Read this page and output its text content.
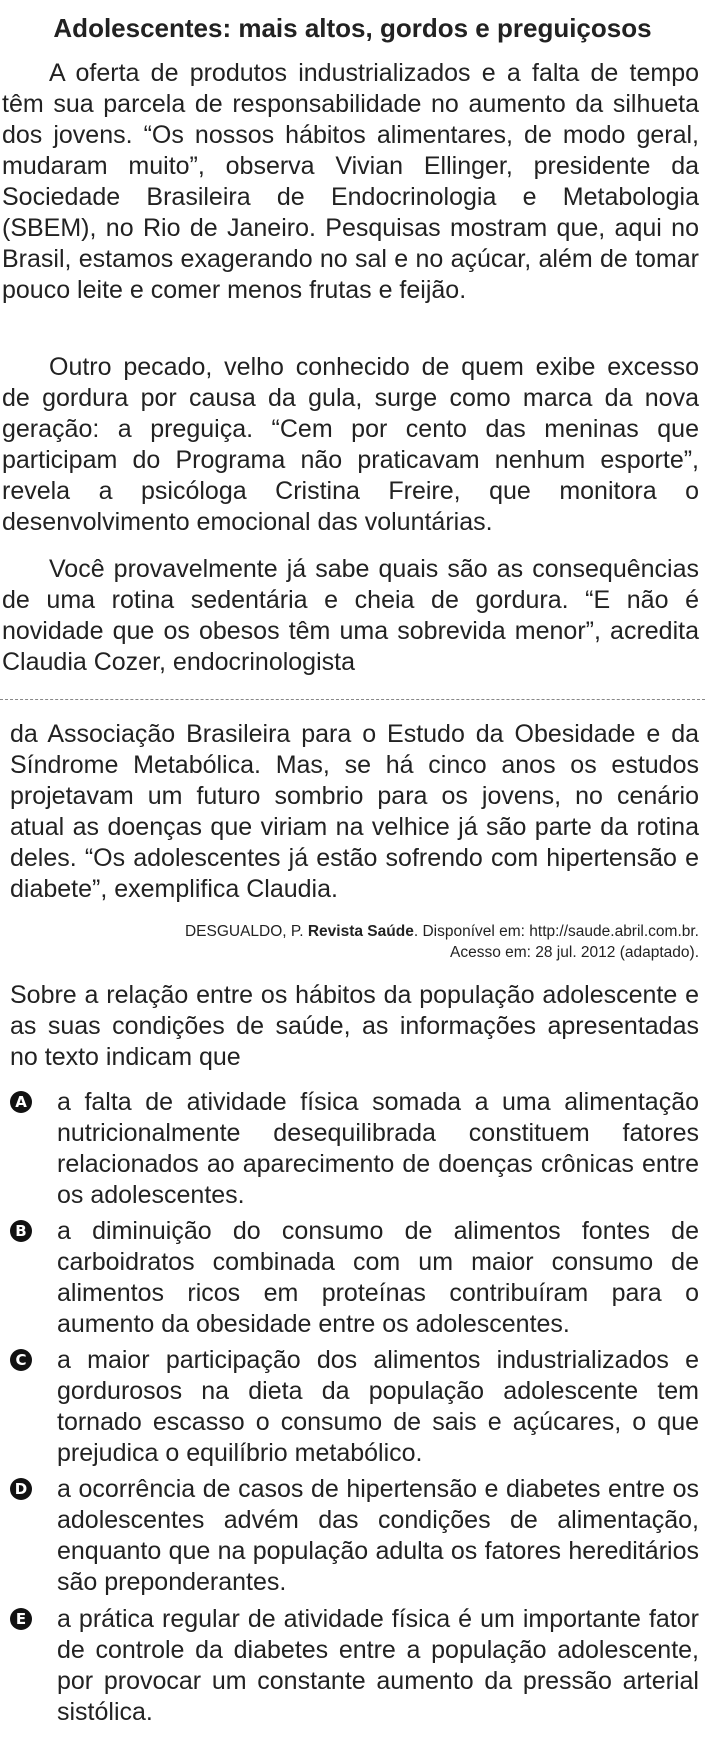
Adolescentes: mais altos, gordos e preguiçosos

A oferta de produtos industrializados e a falta de tempo têm sua parcela de responsabilidade no aumento da silhueta dos jovens. “Os nossos hábitos alimentares, de modo geral, mudaram muito”, observa Vivian Ellinger, presidente da Sociedade Brasileira de Endocrinologia e Metabologia (SBEM), no Rio de Janeiro. Pesquisas mostram que, aqui no Brasil, estamos exagerando no sal e no açúcar, além de tomar pouco leite e comer menos frutas e feijão.

Outro pecado, velho conhecido de quem exibe excesso de gordura por causa da gula, surge como marca da nova geração: a preguiça. “Cem por cento das meninas que participam do Programa não praticavam nenhum esporte”, revela a psicóloga Cristina Freire, que monitora o desenvolvimento emocional das voluntárias.

Você provavelmente já sabe quais são as consequências de uma rotina sedentária e cheia de gordura. “E não é novidade que os obesos têm uma sobrevida menor”, acredita Claudia Cozer, endocrinologista

da Associação Brasileira para o Estudo da Obesidade e da Síndrome Metabólica. Mas, se há cinco anos os estudos projetavam um futuro sombrio para os jovens, no cenário atual as doenças que viriam na velhice já são parte da rotina deles. “Os adolescentes já estão sofrendo com hipertensão e diabete”, exemplifica Claudia.

DESGUALDO, P. Revista Saúde. Disponível em: http://saude.abril.com.br.
Acesso em: 28 jul. 2012 (adaptado).

Sobre a relação entre os hábitos da população adolescente e as suas condições de saúde, as informações apresentadas no texto indicam que

A a falta de atividade física somada a uma alimentação nutricionalmente desequilibrada constituem fatores relacionados ao aparecimento de doenças crônicas entre os adolescentes.

B a diminuição do consumo de alimentos fontes de carboidratos combinada com um maior consumo de alimentos ricos em proteínas contribuíram para o aumento da obesidade entre os adolescentes.

C a maior participação dos alimentos industrializados e gordurosos na dieta da população adolescente tem tornado escasso o consumo de sais e açúcares, o que prejudica o equilíbrio metabólico.

D a ocorrência de casos de hipertensão e diabetes entre os adolescentes advém das condições de alimentação, enquanto que na população adulta os fatores hereditários são preponderantes.

E a prática regular de atividade física é um importante fator de controle da diabetes entre a população adolescente, por provocar um constante aumento da pressão arterial sistólica.
